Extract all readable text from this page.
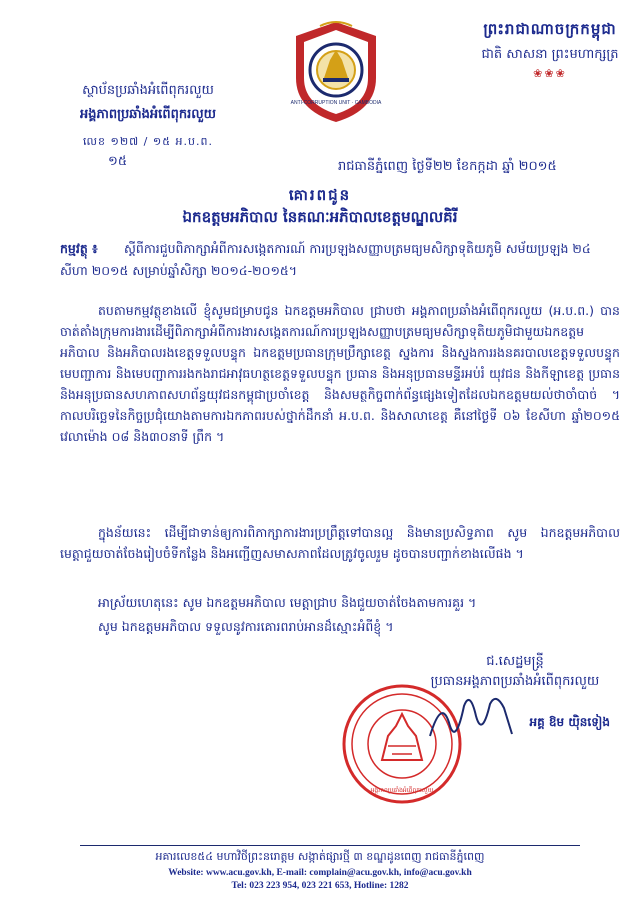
ព្រះរាជាណាចក្រកម្ពុជា
ជាតិ សាសនា ព្រះមហាក្សត្រ
❀❀❀
ANTI-CORRUPTION UNIT · CAMBODIA
ស្ថាប័នប្រឆាំងអំពើពុករលួយ
អង្គភាពប្រឆាំងអំពើពុករលួយ
លេខ ១២៧ / ១៥ អ.ប.ព.
១៥	រាជធានីភ្នំពេញ ថ្ងៃទី២២ ខែកក្កដា ឆ្នាំ ២០១៥
គោរពជូន
ឯកឧត្តមអភិបាល នៃគណៈអភិបាលខេត្តមណ្ឌលគិរី
កម្មវត្ថុ ៖ ស្តីពីការជួបពិភាក្សាអំពីការសង្កេតការណ៍ ការប្រឡងសញ្ញាបត្រមធ្យមសិក្សាទុតិយភូមិ សម័យប្រឡង ២៤ សីហា ២០១៥ សម្រាប់ឆ្នាំសិក្សា ២០១៤-២០១៥។
តបតាមកម្មវត្ថុខាងលើ ខ្ញុំសូមជម្រាបជូន ឯកឧត្តមអភិបាល ជ្រាបថា អង្គភាពប្រឆាំងអំពើពុករលួយ (អ.ប.ព.) បានចាត់តាំងក្រុមការងារដើម្បីពិភាក្សាអំពីការងារសង្កេតការណ៍ការប្រឡងសញ្ញាបត្រមធ្យមសិក្សាទុតិយភូមិជាមួយឯកឧត្តមអភិបាល និងអភិបាលរងខេត្តទទួលបន្ទុក ឯកឧត្តមប្រធានក្រុមប្រឹក្សាខេត្ត ស្នងការ និងស្នងការរងនគរបាលខេត្តទទួលបន្ទុក មេបញ្ជាការ និងមេបញ្ជាការរងកងរាជអាវុធហត្ថខេត្តទទួលបន្ទុក ប្រធាន និងអនុប្រធានមន្ទីរអប់រំ យុវជន និងកីឡាខេត្ត ប្រធាន និងអនុប្រធានសហភាពសហព័ន្ធយុវជនកម្ពុជាប្រចាំខេត្ត និងសមត្ថកិច្ចពាក់ព័ន្ធផ្សេងទៀតដែលឯកឧត្តមយល់ថាចាំបាច់ ។ កាលបរិច្ឆេទនៃកិច្ចប្រជុំយោងតាមការឯកភាពរបស់ថ្នាក់ដឹកនាំ អ.ប.ព. និងសាលាខេត្ត គឺនៅថ្ងៃទី ០៦ ខែសីហា ឆ្នាំ២០១៥ វេលាម៉ោង ០៨ និង៣០នាទី ព្រឹក ។
ក្នុងន័យនេះ ដើម្បីជាទាន់ឲ្យការពិភាក្សាការងារប្រព្រឹត្តទៅបានល្អ និងមានប្រសិទ្ធភាព សូម ឯកឧត្តមអភិបាល មេត្តាជួយចាត់ចែងរៀបចំទីកន្លែង និងអញ្ជើញសមាសភាពដែលត្រូវចូលរួម ដូចបានបញ្ជាក់ខាងលើផង ។
អាស្រ័យហេតុនេះ សូម ឯកឧត្តមអភិបាល មេត្តាជ្រាប និងជួយចាត់ចែងតាមការគួរ ។
សូម ឯកឧត្តមអភិបាល ទទួលនូវការគោរពរាប់អានដ៏ស្មោះអំពីខ្ញុំ ។
អង្គភាពប្រឆាំងអំពើពុករលួយ
ជ.សេដ្ឋមន្ត្រី
ប្រធានអង្គភាពប្រឆាំងអំពើពុករលួយ
អគ្គ ឱម យ៉ិនទៀង
អគារលេខ៥៤ មហាវិថីព្រះនរោត្តម សង្កាត់ផ្សារថ្មី ៣ ខណ្ឌដូនពេញ រាជធានីភ្នំពេញ
Website: www.acu.gov.kh, E-mail: complain@acu.gov.kh, info@acu.gov.kh
Tel: 023 223 954, 023 221 653, Hotline: 1282
